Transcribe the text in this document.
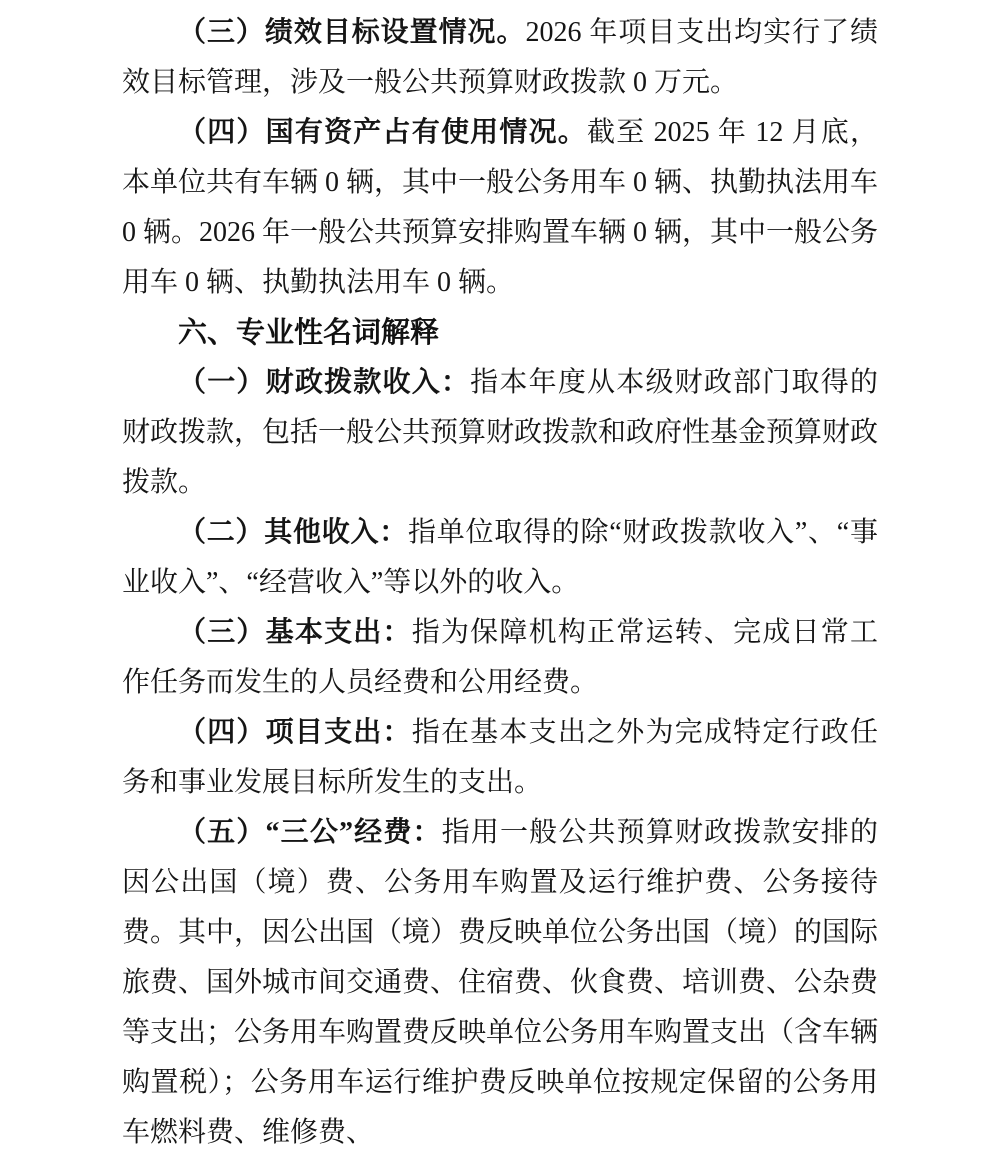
（三）绩效目标设置情况。2026 年项目支出均实行了绩效目标管理，涉及一般公共预算财政拨款 0 万元。

（四）国有资产占有使用情况。截至 2025 年 12 月底，本单位共有车辆 0 辆，其中一般公务用车 0 辆、执勤执法用车 0 辆。2026 年一般公共预算安排购置车辆 0 辆，其中一般公务用车 0 辆、执勤执法用车 0 辆。

六、专业性名词解释

（一）财政拨款收入：指本年度从本级财政部门取得的财政拨款，包括一般公共预算财政拨款和政府性基金预算财政拨款。

（二）其他收入：指单位取得的除“财政拨款收入”、“事业收入”、“经营收入”等以外的收入。

（三）基本支出：指为保障机构正常运转、完成日常工作任务而发生的人员经费和公用经费。

（四）项目支出：指在基本支出之外为完成特定行政任务和事业发展目标所发生的支出。

（五）“三公”经费：指用一般公共预算财政拨款安排的因公出国（境）费、公务用车购置及运行维护费、公务接待费。其中，因公出国（境）费反映单位公务出国（境）的国际旅费、国外城市间交通费、住宿费、伙食费、培训费、公杂费等支出；公务用车购置费反映单位公务用车购置支出（含车辆购置税）；公务用车运行维护费反映单位按规定保留的公务用车燃料费、维修费、
